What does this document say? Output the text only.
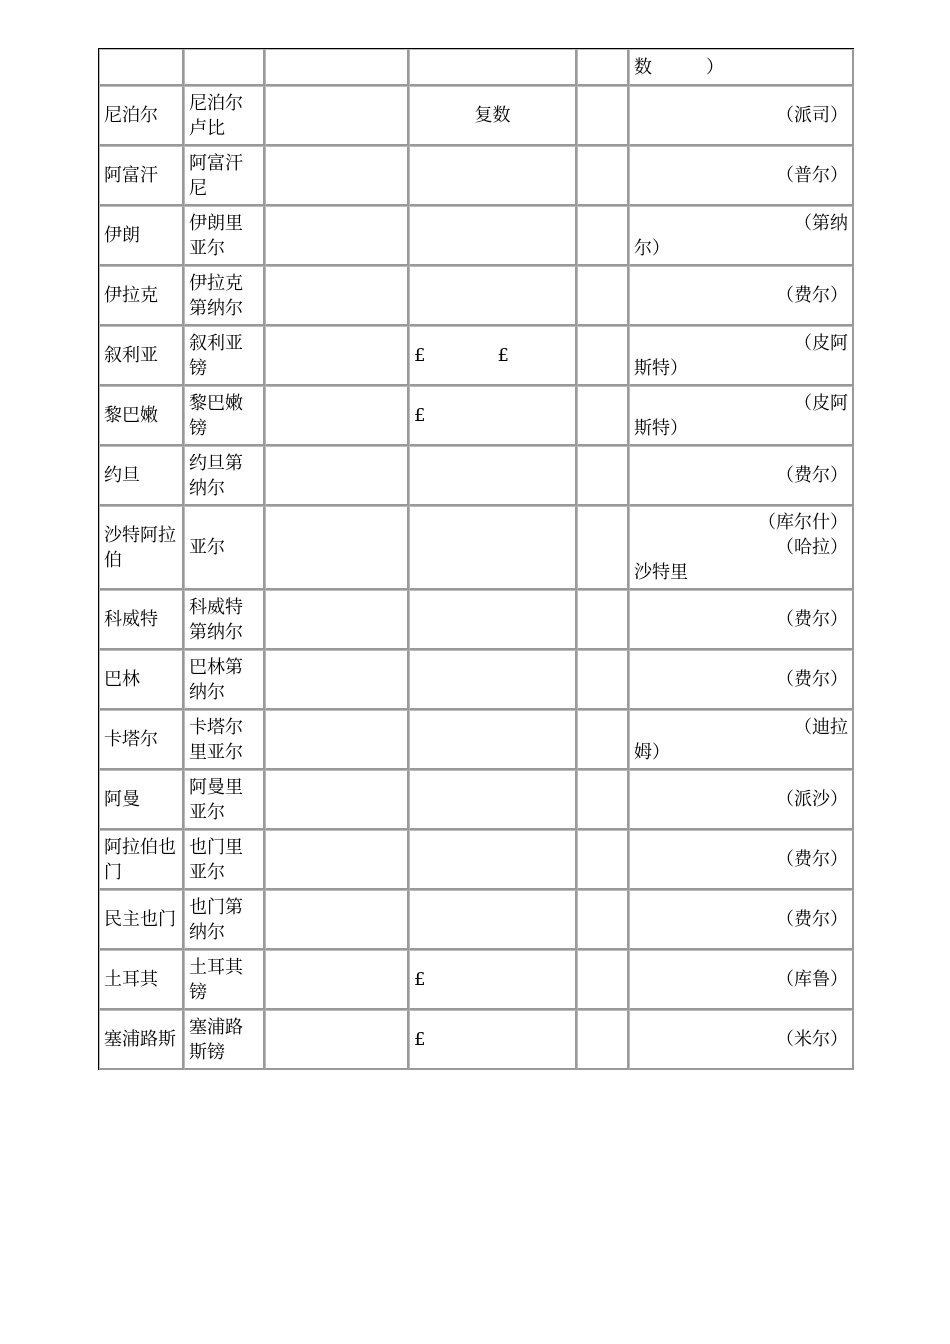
					数　　　）
尼泊尔	尼泊尔卢比		复数		（派司）

阿富汗	阿富汗尼				（普尔）

伊朗	伊朗里亚尔				（第纳
尔）

伊拉克	伊拉克第纳尔				（费尔）

叙利亚	叙利亚镑		£　　　　£		（皮阿
斯特）

黎巴嫩	黎巴嫩镑		£		（皮阿
斯特）

约旦	约旦第纳尔				（费尔）

沙特阿拉伯	亚尔				（库尔什）
（哈拉）
沙特里

科威特	科威特第纳尔				（费尔）

巴林	巴林第纳尔				（费尔）

卡塔尔	卡塔尔里亚尔				（迪拉
姆）

阿曼	阿曼里亚尔				（派沙）

阿拉伯也门	也门里亚尔				（费尔）

民主也门	也门第纳尔				（费尔）

土耳其	土耳其镑		£		（库鲁）

塞浦路斯	塞浦路斯镑		£		（米尔）
